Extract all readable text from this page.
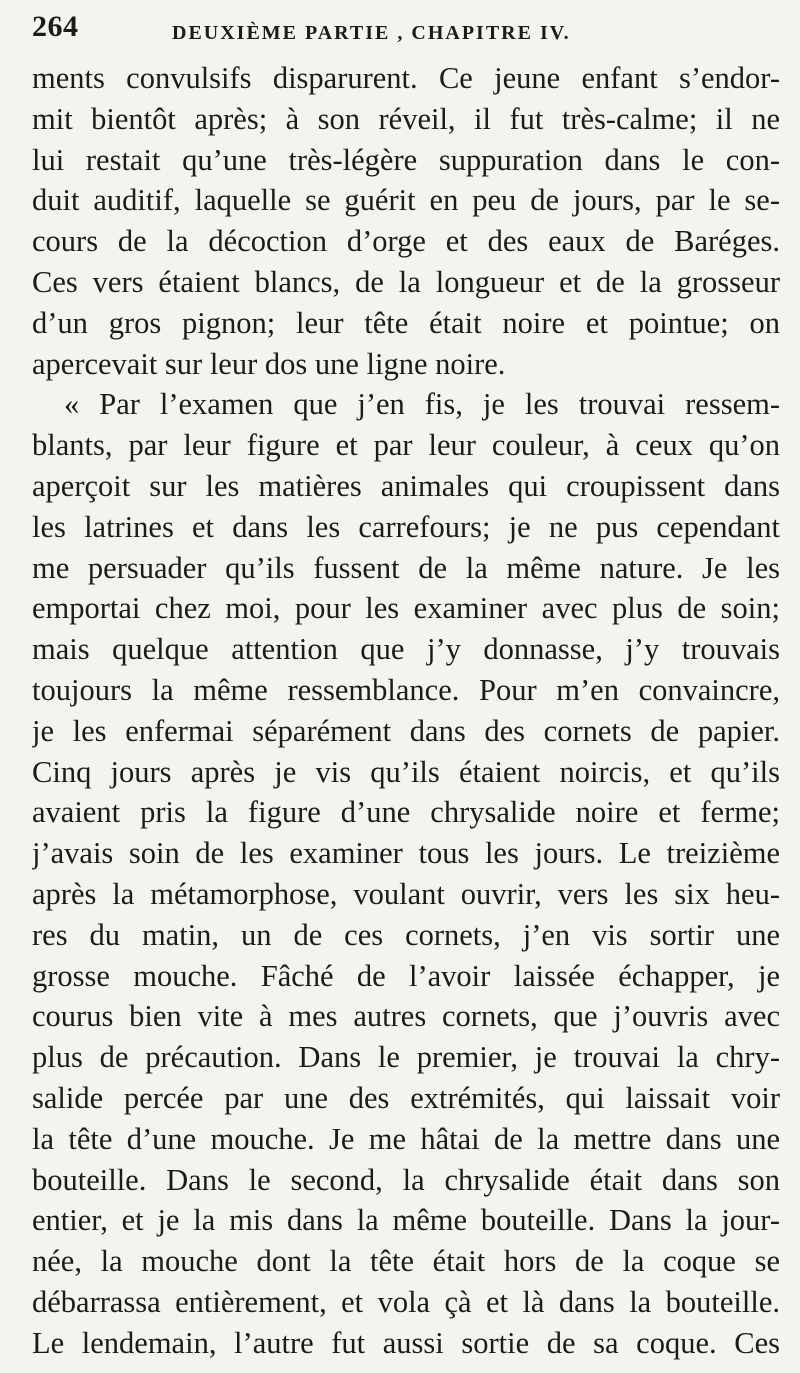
264	DEUXIÈME PARTIE , CHAPITRE IV.
ments convulsifs disparurent. Ce jeune enfant s’endor-
mit bientôt après; à son réveil, il fut très-calme; il ne
lui restait qu’une très-légère suppuration dans le con-
duit auditif, laquelle se guérit en peu de jours, par le se-
cours de la décoction d’orge et des eaux de Baréges.
Ces vers étaient blancs, de la longueur et de la grosseur
d’un gros pignon; leur tête était noire et pointue; on
apercevait sur leur dos une ligne noire.
« Par l’examen que j’en fis, je les trouvai ressem-
blants, par leur figure et par leur couleur, à ceux qu’on
aperçoit sur les matières animales qui croupissent dans
les latrines et dans les carrefours; je ne pus cependant
me persuader qu’ils fussent de la même nature. Je les
emportai chez moi, pour les examiner avec plus de soin;
mais quelque attention que j’y donnasse, j’y trouvais
toujours la même ressemblance. Pour m’en convaincre,
je les enfermai séparément dans des cornets de papier.
Cinq jours après je vis qu’ils étaient noircis, et qu’ils
avaient pris la figure d’une chrysalide noire et ferme;
j’avais soin de les examiner tous les jours. Le treizième
après la métamorphose, voulant ouvrir, vers les six heu-
res du matin, un de ces cornets, j’en vis sortir une
grosse mouche. Fâché de l’avoir laissée échapper, je
courus bien vite à mes autres cornets, que j’ouvris avec
plus de précaution. Dans le premier, je trouvai la chry-
salide percée par une des extrémités, qui laissait voir
la tête d’une mouche. Je me hâtai de la mettre dans une
bouteille. Dans le second, la chrysalide était dans son
entier, et je la mis dans la même bouteille. Dans la jour-
née, la mouche dont la tête était hors de la coque se
débarrassa entièrement, et vola çà et là dans la bouteille.
Le lendemain, l’autre fut aussi sortie de sa coque. Ces
